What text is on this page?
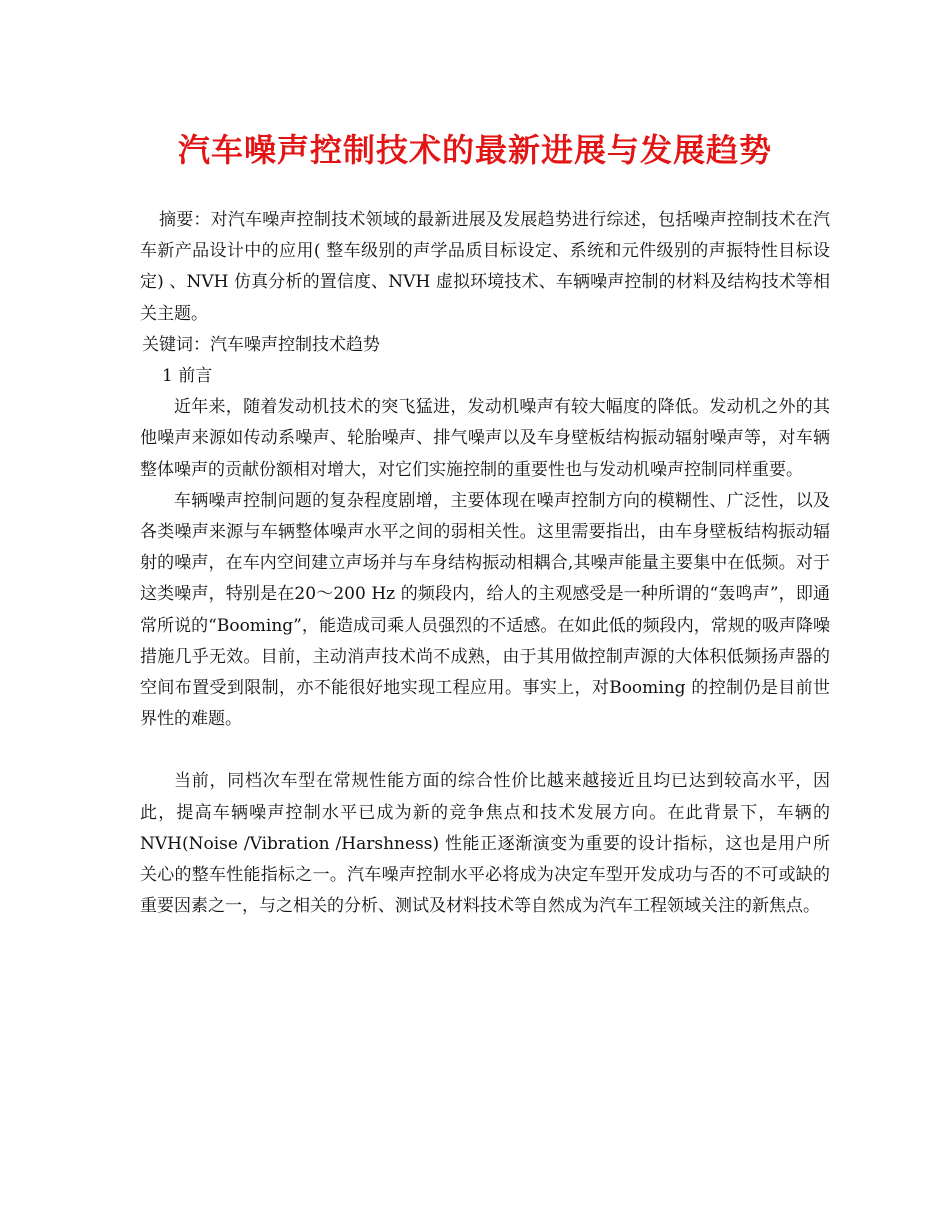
汽车噪声控制技术的最新进展与发展趋势

摘要：对汽车噪声控制技术领域的最新进展及发展趋势进行综述，包括噪声控制技术在汽车新产品设计中的应用( 整车级别的声学品质目标设定、系统和元件级别的声振特性目标设定) 、NVH 仿真分析的置信度、NVH 虚拟环境技术、车辆噪声控制的材料及结构技术等相关主题。

关键词：汽车噪声控制技术趋势

1 前言

近年来，随着发动机技术的突飞猛进，发动机噪声有较大幅度的降低。发动机之外的其他噪声来源如传动系噪声、轮胎噪声、排气噪声以及车身壁板结构振动辐射噪声等，对车辆整体噪声的贡献份额相对增大，对它们实施控制的重要性也与发动机噪声控制同样重要。

车辆噪声控制问题的复杂程度剧增，主要体现在噪声控制方向的模糊性、广泛性，以及各类噪声来源与车辆整体噪声水平之间的弱相关性。这里需要指出，由车身壁板结构振动辐射的噪声，在车内空间建立声场并与车身结构振动相耦合,其噪声能量主要集中在低频。对于这类噪声，特别是在20～200 Hz 的频段内，给人的主观感受是一种所谓的“轰鸣声”，即通常所说的“Booming”，能造成司乘人员强烈的不适感。在如此低的频段内，常规的吸声降噪措施几乎无效。目前，主动消声技术尚不成熟，由于其用做控制声源的大体积低频扬声器的空间布置受到限制，亦不能很好地实现工程应用。事实上，对Booming 的控制仍是目前世界性的难题。

当前，同档次车型在常规性能方面的综合性价比越来越接近且均已达到较高水平，因此，提高车辆噪声控制水平已成为新的竞争焦点和技术发展方向。在此背景下，车辆的NVH(Noise /Vibration /Harshness) 性能正逐渐演变为重要的设计指标，这也是用户所关心的整车性能指标之一。汽车噪声控制水平必将成为决定车型开发成功与否的不可或缺的重要因素之一，与之相关的分析、测试及材料技术等自然成为汽车工程领域关注的新焦点。
